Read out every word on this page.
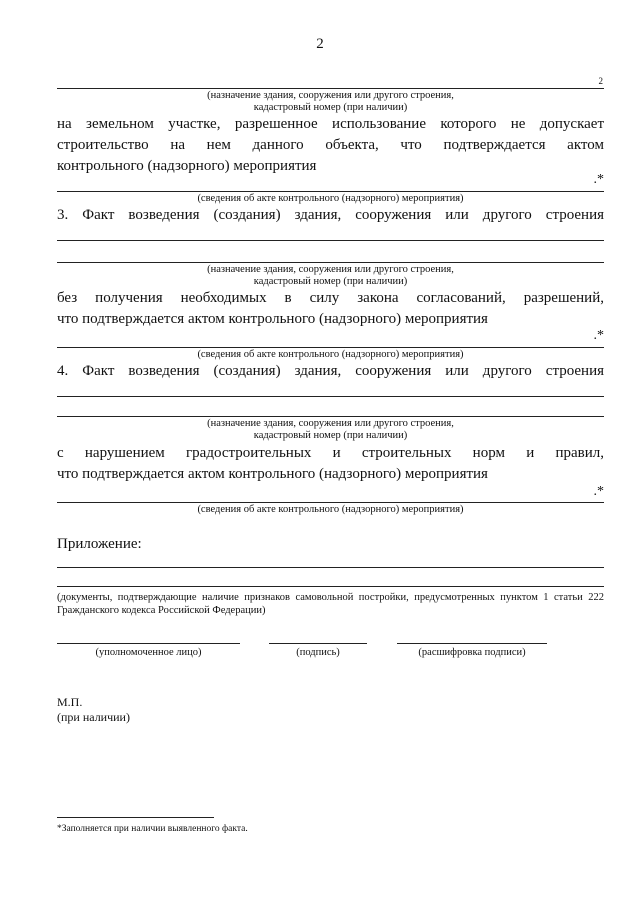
2
2
(назначение здания, сооружения или другого строения,
кадастровый номер (при наличии)
на земельном участке, разрешенное использование которого не допускает
строительство на нем данного объекта, что подтверждается актом
контрольного (надзорного) мероприятия
.*
(сведения об акте контрольного (надзорного) мероприятия)
3. Факт возведения (создания) здания, сооружения или другого строения
(назначение здания, сооружения или другого строения,
кадастровый номер (при наличии)
без получения необходимых в силу закона согласований, разрешений,
что подтверждается актом контрольного (надзорного) мероприятия
.*
(сведения об акте контрольного (надзорного) мероприятия)
4. Факт возведения (создания) здания, сооружения или другого строения
(назначение здания, сооружения или другого строения,
кадастровый номер (при наличии)
с нарушением градостроительных и строительных норм и правил,
что подтверждается актом контрольного (надзорного) мероприятия
.*
(сведения об акте контрольного (надзорного) мероприятия)
Приложение:
(документы, подтверждающие наличие признаков самовольной постройки, предусмотренных пунктом 1 статьи 222 Гражданского кодекса Российской Федерации)
(уполномоченное лицо)	(подпись)	(расшифровка подписи)
М.П.
(при наличии)
*Заполняется при наличии выявленного факта.
